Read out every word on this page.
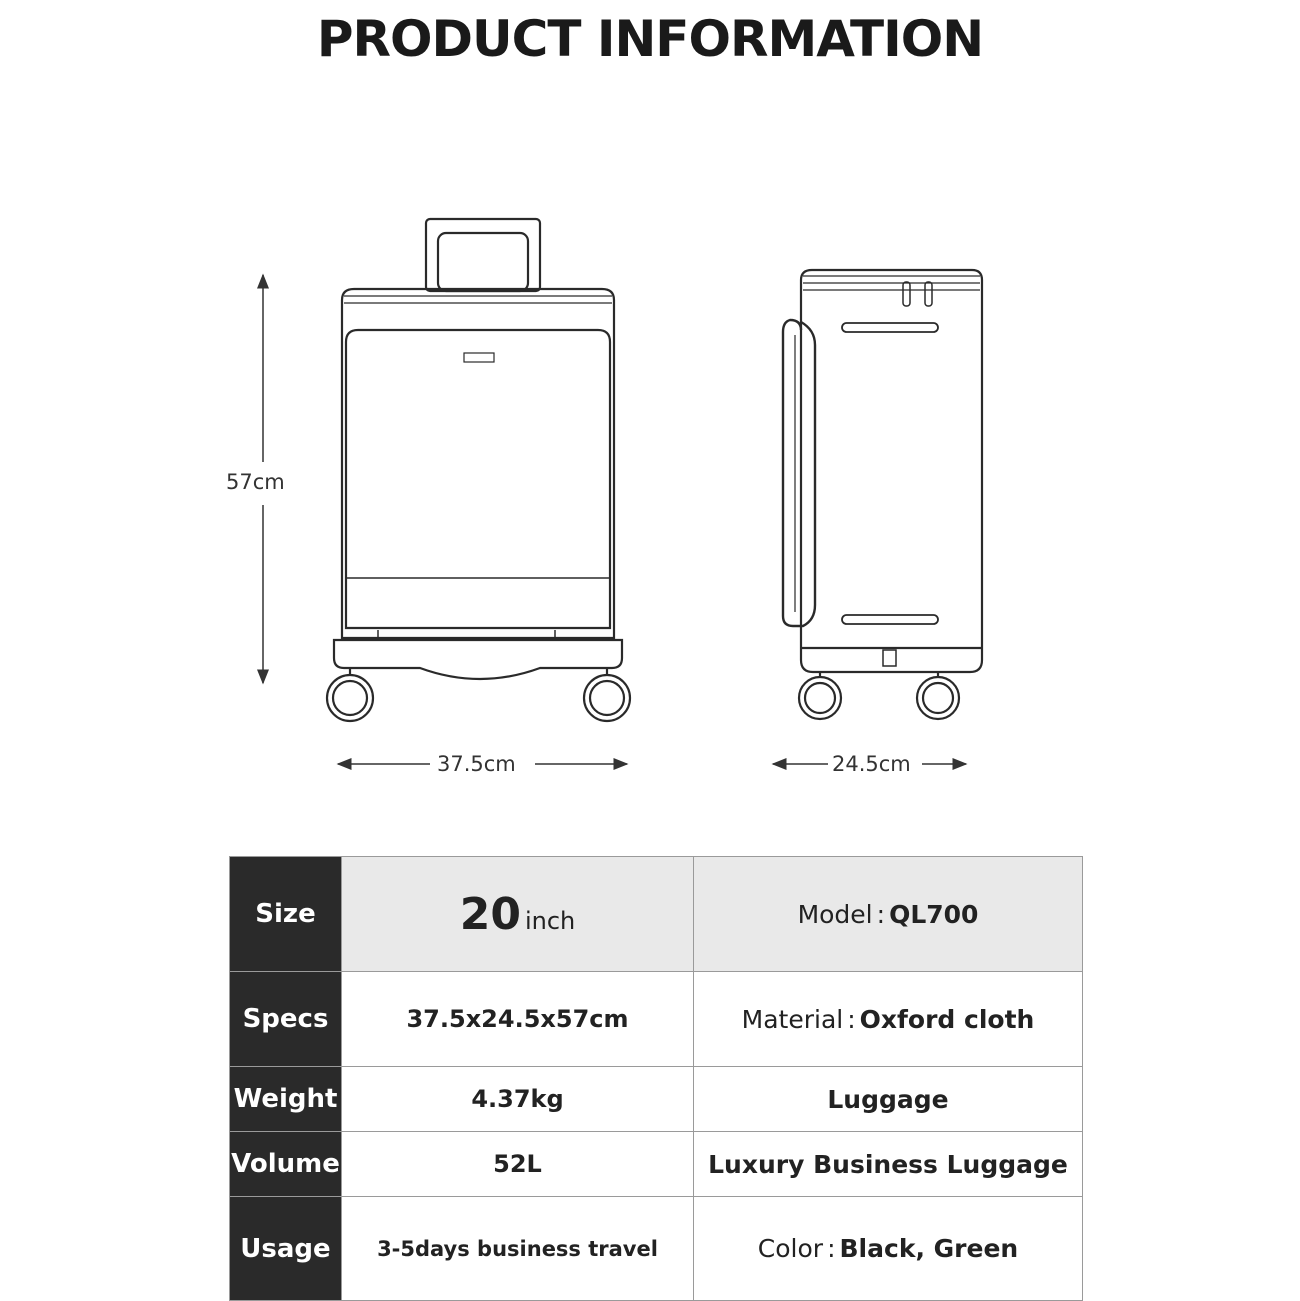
PRODUCT INFORMATION
57cm
37.5cm	24.5cm
Size	20 inch	Model : QL700
Specs	37.5x24.5x57cm	Material : Oxford cloth
Weight	4.37kg	Luggage
Volume	52L	Luxury Business Luggage
Usage	3-5days business travel	Color : Black, Green
